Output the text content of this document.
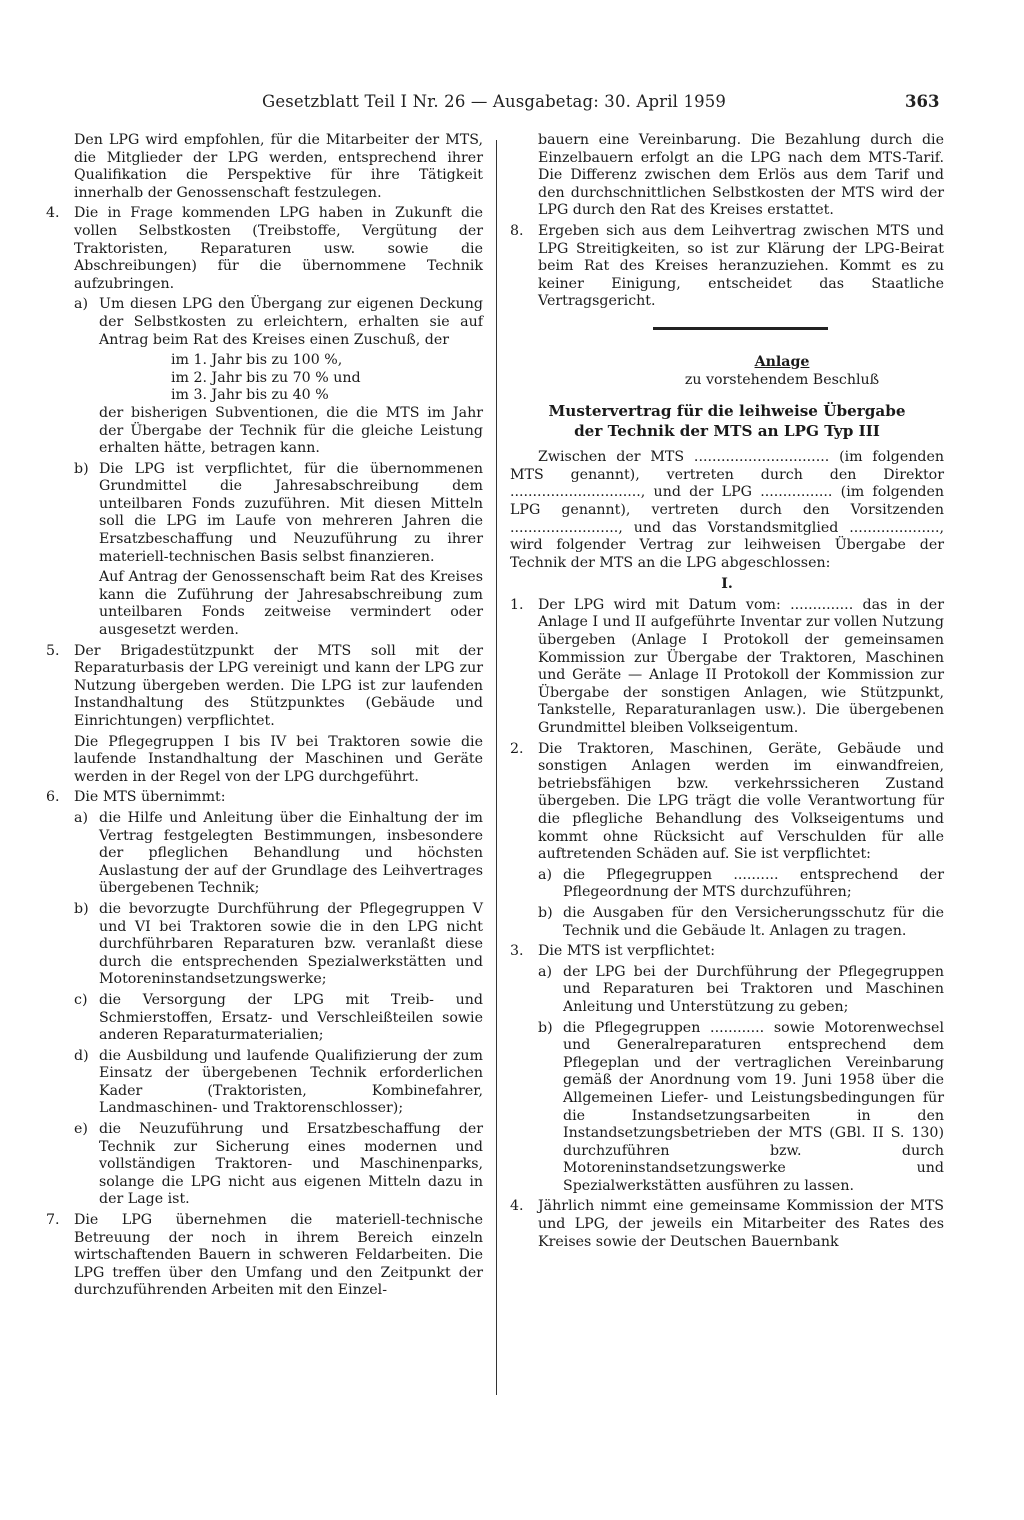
Gesetzblatt Teil I Nr. 26 — Ausgabetag: 30. April 1959	363

Den LPG wird empfohlen, für die Mitarbeiter der MTS, die Mitglieder der LPG werden, entsprechend ihrer Qualifikation die Perspektive für ihre Tätigkeit innerhalb der Genossenschaft festzulegen.

4. Die in Frage kommenden LPG haben in Zukunft die vollen Selbstkosten (Treibstoffe, Vergütung der Traktoristen, Reparaturen usw. sowie die Abschreibungen) für die übernommene Technik aufzubringen.

a) Um diesen LPG den Übergang zur eigenen Deckung der Selbstkosten zu erleichtern, erhalten sie auf Antrag beim Rat des Kreises einen Zuschuß, der

im 1. Jahr bis zu 100 %,
im 2. Jahr bis zu 70 % und
im 3. Jahr bis zu 40 %

der bisherigen Subventionen, die die MTS im Jahr der Übergabe der Technik für die gleiche Leistung erhalten hätte, betragen kann.

b) Die LPG ist verpflichtet, für die übernommenen Grundmittel die Jahresabschreibung dem unteilbaren Fonds zuzuführen. Mit diesen Mitteln soll die LPG im Laufe von mehreren Jahren die Ersatzbeschaffung und Neuzuführung zu ihrer materiell-technischen Basis selbst finanzieren.

Auf Antrag der Genossenschaft beim Rat des Kreises kann die Zuführung der Jahresabschreibung zum unteilbaren Fonds zeitweise vermindert oder ausgesetzt werden.

5. Der Brigadestützpunkt der MTS soll mit der Reparaturbasis der LPG vereinigt und kann der LPG zur Nutzung übergeben werden. Die LPG ist zur laufenden Instandhaltung des Stützpunktes (Gebäude und Einrichtungen) verpflichtet.

Die Pflegegruppen I bis IV bei Traktoren sowie die laufende Instandhaltung der Maschinen und Geräte werden in der Regel von der LPG durchgeführt.

6. Die MTS übernimmt:

a) die Hilfe und Anleitung über die Einhaltung der im Vertrag festgelegten Bestimmungen, insbesondere der pfleglichen Behandlung und höchsten Auslastung der auf der Grundlage des Leihvertrages übergebenen Technik;

b) die bevorzugte Durchführung der Pflegegruppen V und VI bei Traktoren sowie die in den LPG nicht durchführbaren Reparaturen bzw. veranlaßt diese durch die entsprechenden Spezialwerkstätten und Motoreninstandsetzungswerke;

c) die Versorgung der LPG mit Treib- und Schmierstoffen, Ersatz- und Verschleißteilen sowie anderen Reparaturmaterialien;

d) die Ausbildung und laufende Qualifizierung der zum Einsatz der übergebenen Technik erforderlichen Kader (Traktoristen, Kombinefahrer, Landmaschinen- und Traktorenschlosser);

e) die Neuzuführung und Ersatzbeschaffung der Technik zur Sicherung eines modernen und vollständigen Traktoren- und Maschinenparks, solange die LPG nicht aus eigenen Mitteln dazu in der Lage ist.

7. Die LPG übernehmen die materiell-technische Betreuung der noch in ihrem Bereich einzeln wirtschaftenden Bauern in schweren Feldarbeiten. Die LPG treffen über den Umfang und den Zeitpunkt der durchzuführenden Arbeiten mit den Einzel-

bauern eine Vereinbarung. Die Bezahlung durch die Einzelbauern erfolgt an die LPG nach dem MTS-Tarif. Die Differenz zwischen dem Erlös aus dem Tarif und den durchschnittlichen Selbstkosten der MTS wird der LPG durch den Rat des Kreises erstattet.

8. Ergeben sich aus dem Leihvertrag zwischen MTS und LPG Streitigkeiten, so ist zur Klärung der LPG-Beirat beim Rat des Kreises heranzuziehen. Kommt es zu keiner Einigung, entscheidet das Staatliche Vertragsgericht.

Anlage

zu vorstehendem Beschluß

Mustervertrag für die leihweise Übergabe
der Technik der MTS an LPG Typ III

Zwischen der MTS .............................. (im folgenden MTS genannt), vertreten durch den Direktor ............................., und der LPG ................ (im folgenden LPG genannt), vertreten durch den Vorsitzenden ........................, und das Vorstandsmitglied ...................., wird folgender Vertrag zur leihweisen Übergabe der Technik der MTS an die LPG abgeschlossen:

I.

1. Der LPG wird mit Datum vom: .............. das in der Anlage I und II aufgeführte Inventar zur vollen Nutzung übergeben (Anlage I Protokoll der gemeinsamen Kommission zur Übergabe der Traktoren, Maschinen und Geräte — Anlage II Protokoll der Kommission zur Übergabe der sonstigen Anlagen, wie Stützpunkt, Tankstelle, Reparaturanlagen usw.). Die übergebenen Grundmittel bleiben Volkseigentum.

2. Die Traktoren, Maschinen, Geräte, Gebäude und sonstigen Anlagen werden im einwandfreien, betriebsfähigen bzw. verkehrssicheren Zustand übergeben. Die LPG trägt die volle Verantwortung für die pflegliche Behandlung des Volkseigentums und kommt ohne Rücksicht auf Verschulden für alle auftretenden Schäden auf. Sie ist verpflichtet:

a) die Pflegegruppen .......... entsprechend der Pflegeordnung der MTS durchzuführen;

b) die Ausgaben für den Versicherungsschutz für die Technik und die Gebäude lt. Anlagen zu tragen.

3. Die MTS ist verpflichtet:

a) der LPG bei der Durchführung der Pflegegruppen und Reparaturen bei Traktoren und Maschinen Anleitung und Unterstützung zu geben;

b) die Pflegegruppen ............ sowie Motorenwechsel und Generalreparaturen entsprechend dem Pflegeplan und der vertraglichen Vereinbarung gemäß der Anordnung vom 19. Juni 1958 über die Allgemeinen Liefer- und Leistungsbedingungen für die Instandsetzungsarbeiten in den Instandsetzungsbetrieben der MTS (GBl. II S. 130) durchzuführen bzw. durch Motoreninstandsetzungswerke und Spezialwerkstätten ausführen zu lassen.

4. Jährlich nimmt eine gemeinsame Kommission der MTS und LPG, der jeweils ein Mitarbeiter des Rates des Kreises sowie der Deutschen Bauernbank
